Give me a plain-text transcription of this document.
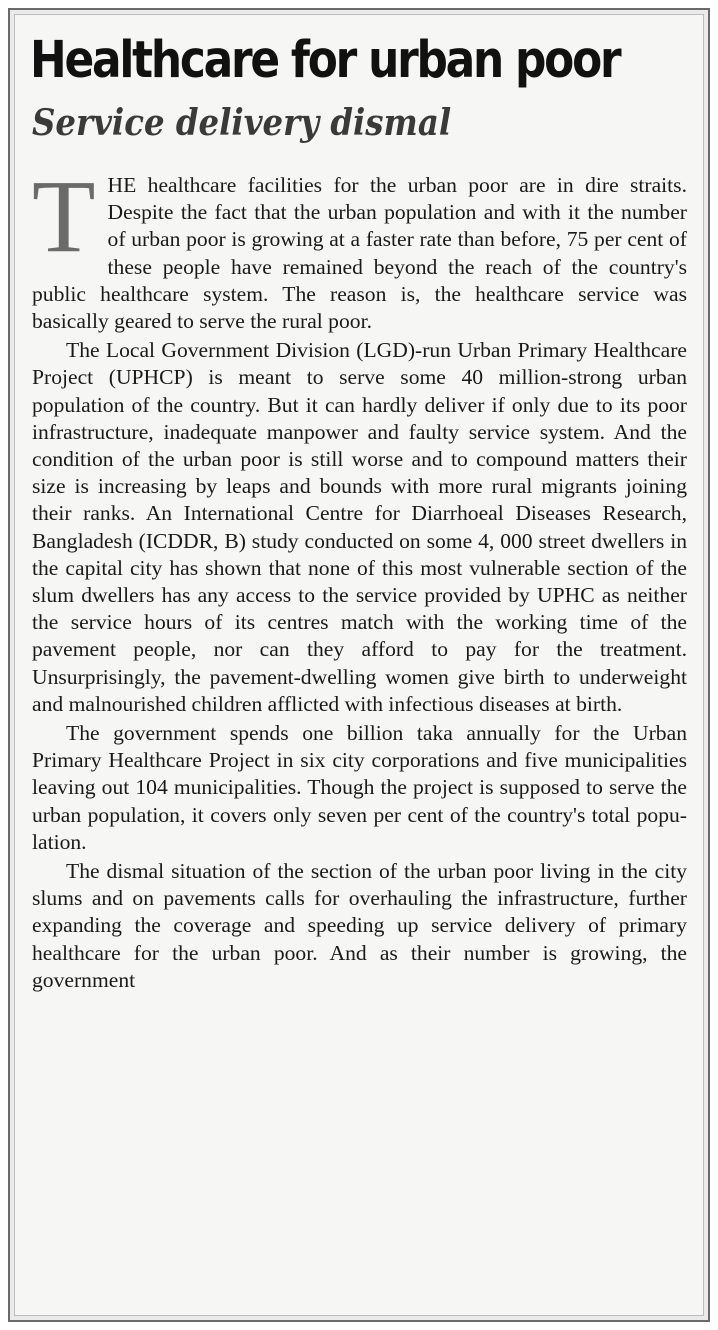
Healthcare for urban poor
Service delivery dismal

T HE healthcare facilities for the urban poor are in dire straits. Despite the fact that the urban population and with it the number of urban poor is growing at a faster rate than before, 75 per cent of these people have remained beyond the reach of the country's public healthcare system. The reason is, the healthcare service was basically geared to serve the rural poor.

The Local Government Division (LGD)-run Urban Primary Healthcare Project (UPHCP) is meant to serve some 40 million-strong urban population of the country. But it can hardly deliver if only due to its poor infrastructure, inadequate manpower and faulty service system. And the condition of the urban poor is still worse and to compound matters their size is increasing by leaps and bounds with more rural migrants joining their ranks. An International Centre for Diarrhoeal Diseases Research, Bangladesh (ICDDR, B) study conducted on some 4, 000 street dwellers in the capital city has shown that none of this most vulnerable section of the slum dwellers has any access to the service provided by UPHC as neither the service hours of its centres match with the working time of the pavement people, nor can they afford to pay for the treatment. Unsurprisingly, the pavement-dwelling women give birth to underweight and malnourished children afflicted with infectious diseases at birth.

The government spends one billion taka annually for the Urban Primary Healthcare Project in six city corporations and five municipalities leaving out 104 municipalities. Though the project is supposed to serve the urban population, it covers only seven per cent of the country's total population.

The dismal situation of the section of the urban poor living in the city slums and on pavements calls for overhauling the infrastructure, further expanding the coverage and speeding up service delivery of primary healthcare for the urban poor. And as their number is growing, the government
